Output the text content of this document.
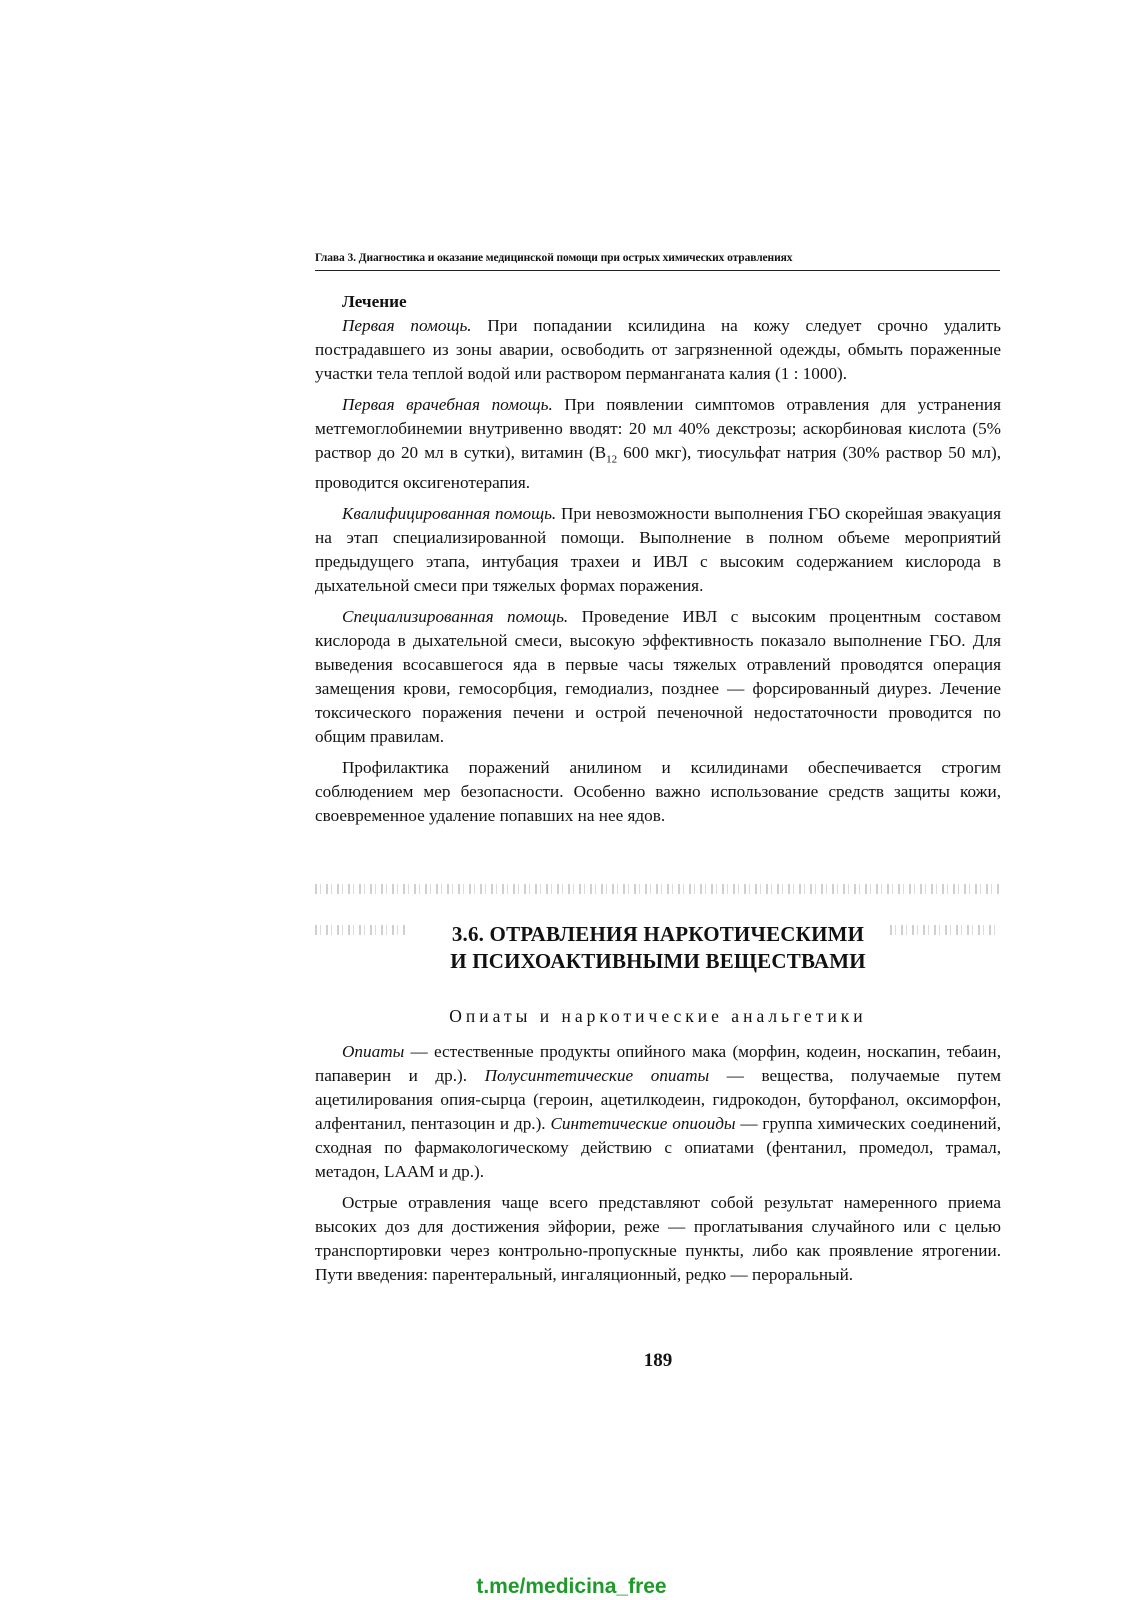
Глава 3. Диагностика и оказание медицинской помощи при острых химических отравлениях
Лечение

Первая помощь. При попадании ксилидина на кожу следует срочно удалить пострадавшего из зоны аварии, освободить от загрязненной одежды, обмыть пораженные участки тела теплой водой или раствором перманганата калия (1 : 1000).

Первая врачебная помощь. При появлении симптомов отравления для устранения метгемоглобинемии внутривенно вводят: 20 мл 40% декстрозы; аскорбиновая кислота (5% раствор до 20 мл в сутки), витамин ($B_{12}$ 600 мкг), тиосульфат натрия (30% раствор 50 мл), проводится оксигенотерапия.

Квалифицированная помощь. При невозможности выполнения ГБО скорейшая эвакуация на этап специализированной помощи. Выполнение в полном объеме мероприятий предыдущего этапа, интубация трахеи и ИВЛ с высоким содержанием кислорода в дыхательной смеси при тяжелых формах поражения.

Специализированная помощь. Проведение ИВЛ с высоким процентным составом кислорода в дыхательной смеси, высокую эффективность показало выполнение ГБО. Для выведения всосавшегося яда в первые часы тяжелых отравлений проводятся операция замещения крови, гемосорбция, гемодиализ, позднее — форсированный диурез. Лечение токсического поражения печени и острой печеночной недостаточности проводится по общим правилам.

Профилактика поражений анилином и ксилидинами обеспечивается строгим соблюдением мер безопасности. Особенно важно использование средств защиты кожи, своевременное удаление попавших на нее ядов.

3.6. ОТРАВЛЕНИЯ НАРКОТИЧЕСКИМИ
И ПСИХОАКТИВНЫМИ ВЕЩЕСТВАМИ
Опиаты и наркотические анальгетики

Опиаты — естественные продукты опийного мака (морфин, кодеин, носкапин, тебаин, папаверин и др.). Полусинтетические опиаты — вещества, получаемые путем ацетилирования опия-сырца (героин, ацетилкодеин, гидрокодон, буторфанол, оксиморфон, алфентанил, пентазоцин и др.). Синтетические опиоиды — группа химических соединений, сходная по фармакологическому действию с опиатами (фентанил, промедол, трамал, метадон, LAAM и др.).

Острые отравления чаще всего представляют собой результат намеренного приема высоких доз для достижения эйфории, реже — проглатывания случайного или с целью транспортировки через контрольно-пропускные пункты, либо как проявление ятрогении. Пути введения: парентеральный, ингаляционный, редко — пероральный.

189
t.me/medicina_free
